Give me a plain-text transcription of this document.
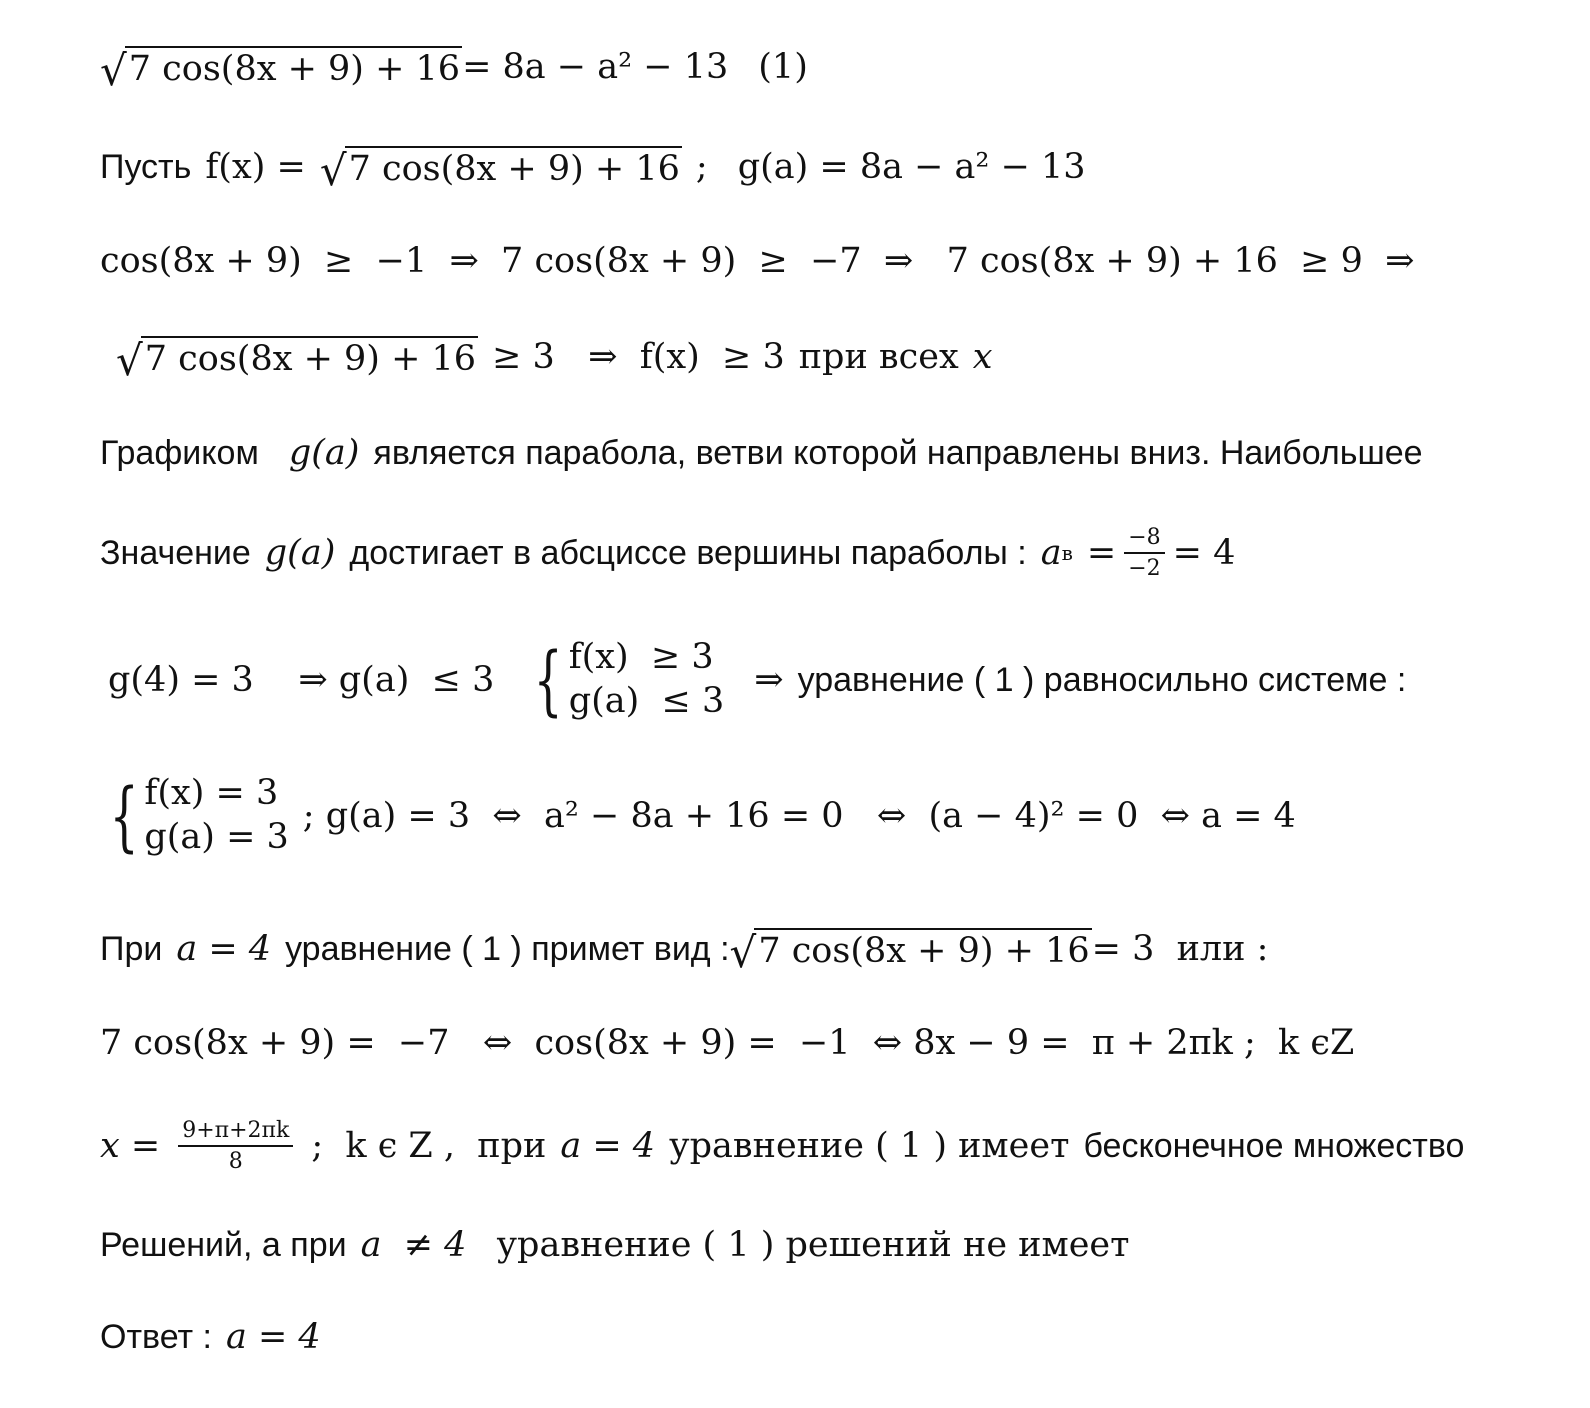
√ 7 cos(8x + 9) + 16 = 8a − a² − 13 (1)
Пусть f(x) = √ 7 cos(8x + 9) + 16 ; g(a) = 8a − a² − 13
cos(8x + 9)  ≥  −1  ⇒  7 cos(8x + 9)  ≥  −7  ⇒   7 cos(8x + 9) + 16  ≥ 9  ⇒
√ 7 cos(8x + 9) + 16 ≥ 3   ⇒  f(x)  ≥ 3 при всех x
Графиком g(a) является парабола, ветви которой направлены вниз. Наибольшее
Значение g(a) достигает в абсциссе вершины параболы : a $в = \frac{-8}{-2} = 4$
g(4) = 3    ⇒ g(a)  ≤ 3 { f(x)  ≥ 3
g(a)  ≤ 3
⇒ уравнение ( 1 ) равносильно системе :
{ f(x) = 3
g(a) = 3
; g(a) = 3  ⇔  a² − 8a + 16 = 0   ⇔  (a − 4)² = 0  ⇔ a = 4
При a = 4 уравнение ( 1 ) примет вид : √ 7 cos(8x + 9) + 16 = 3  или :
7 cos(8x + 9) =  −7   ⇔  cos(8x + 9) =  −1  ⇔ 8x − 9 =  π + 2πk ;  k ϵZ
$x = \frac{9+\pi+2\pi k}{8}$ ;  k ϵ Z ,  при a = 4 уравнение ( 1 ) имеет бесконечное множество
Решений, а при a  ≠ 4 уравнение ( 1 ) решений не имеет
Ответ : a = 4
